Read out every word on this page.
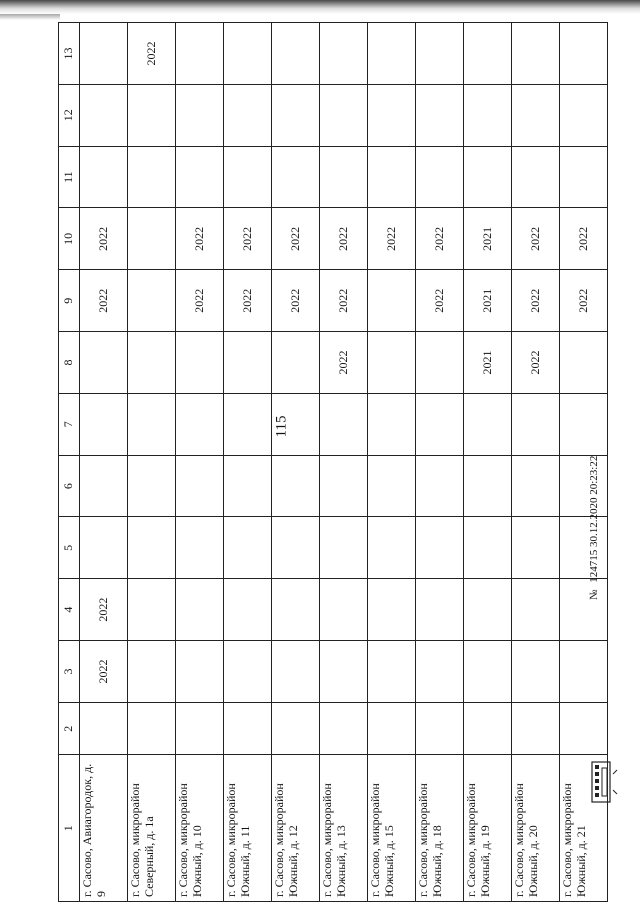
115
1	2	3	4	5	6	7	8	9	10	11	12	13
г. Сасово, Авиагородок, д. 9		2022	2022					2022	2022			
г. Сасово, микрорайон Северный, д. 1а												2022
г. Сасово, микрорайон Южный, д. 10								2022	2022			
г. Сасово, микрорайон Южный, д. 11								2022	2022			
г. Сасово, микрорайон Южный, д. 12								2022	2022			
г. Сасово, микрорайон Южный, д. 13							2022	2022	2022			
г. Сасово, микрорайон Южный, д. 15									2022			
г. Сасово, микрорайон Южный, д. 18								2022	2022			
г. Сасово, микрорайон Южный, д. 19							2021	2021	2021			
г. Сасово, микрорайон Южный, д. 20							2022	2022	2022			
г. Сасово, микрорайон Южный, д. 21								2022	2022			
№ 124715 30.12.2020 20:23:22
